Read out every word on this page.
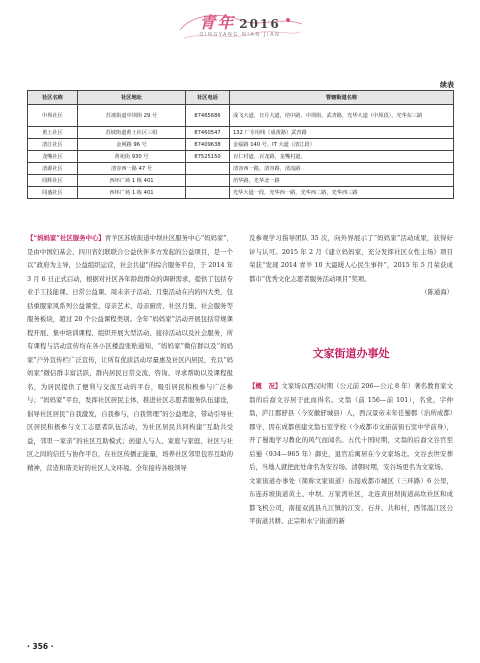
青年 2016
QINGYANG NIAN JIAN
续表
社区名称	社区地址	社区电话	管辖街道名称
中坝社区	苏坡街道中坝街 29 号	87465686	成飞大道，日月大道，培中路，中坝街，武青路，光华大道（中坝段），光华东三路
黄土社区	苏坡街道黄土社区三组	87460547	132 厂专用线（成黄路）武青路
清江社区	金网路 96 号	87409638	金福路 140 号，IT 大道（清江段）
龙嘴社区	黄苑街 930 号	87525150	百仁村道，百龙路，龙嘴村道，
清源社区	清容西一路 47 号		清容西一路，清容路，清流路
同辉社区	西环广场 1 栋 401		培华路，光华北一路
同盛社区	西环广场 1 栋 401		光华大道一段，光华西一路，光华西二路，光华西三路

【“妈妈家”社区服务中心】青羊区苏坡街道中坝社区服务中心“妈妈家”，是由中国妇基会、四川省妇联联合公益伙伴多方发起的公益项目，是一个以“政府为主导，公益组织运营，社会共建”的综合服务平台，于 2014 年 3 月 6 日正式启动，根据对社区各年龄段群众的调研需求，提供了包括专业手工技能课、日常公益课、周末亲子活动、月集活动在内的四大类，包括重服家风系列公益课堂、母亲艺术、母亲厨房、社区月集、社会服务等服务板块，超过 20 个公益课程类别。全年“妈妈家”活动开展包括常规课程开展、集中培训课程、组织开展大型活动、接待活动以及社会服务，所有课程与活动宣传均在各小区楼盘张贴通知，“妈妈家”微信群以及“妈妈家”户外宣传栏广泛宣传，让所有优质活动尽量惠及社区内居民，充以“妈妈家”微信群丰富活跃，群内居民日常交流、咨询、寻求帮助以及课程报名，为居民提供了便利与交流互动的平台，吸引居民积极参与广泛参与；“妈妈家”平台，发挥社区居民主体，推进社区志愿者服务队伍建设，倡导社区居民“自我激发，自我参与，自我管理”的公益理念，带动引导社区居民积极参与文工志愿者队伍活动，为社区居民共同构建“互助共受益，邻里一家亲”的社区互助模式；创建人与人、家庭与家庭、社区与社区之间的信任与协作平台，在社区传播正能量，培养社区邻里包容互助的精神，营造和谐美好的社区人文环境。全年接待各级领导

及参观学习指导团队 35 次，向外界展示了“妈妈家”活动成果，获得好评与认可。2015 年 2 月《建立妈妈家，充分发挥社区女性主场》项目荣获“发现 2014 青羊 10 大最暖人心民生事件”，2015 年 5 月荣获成都市“优秀文化志愿者服务活动项目”奖项。

（陈通海）

文家街道办事处

【概　况】文家场以西汉时期（公元前 206—公元 8 年）著名教育家文翁的后裔文谷居于此而得名。文翁（前 156—前 101），名党，字仲翁，庐江郡舒县（今安徽舒城县）人，西汉景帝末年任蜀郡（治所成都）郡守，因在成都创建文翁石室学校（今成都市文庙前街石室中学前身），开了蜀地学习教化的风气而闻名。五代十国时期，文翁的后裔文谷官至后蜀（934—965 年）御史，退官后寓居在今文家场北。文谷去世安葬后，当地人就把此处命名为安谷场。清朝时期，安谷场更名为文家场。

文家街道办事处（简称文家街道）东接成都市城区（三环路）6 公里，东连苏坡街道黄土、中坝、万家湾社区，北连黄田坝街道高坎社区和成都飞机公司，南接双流县九江镇的江安、石井、共和村，西邻温江区公平街道共耕、正宗和永宁街道的新

· 356 ·
